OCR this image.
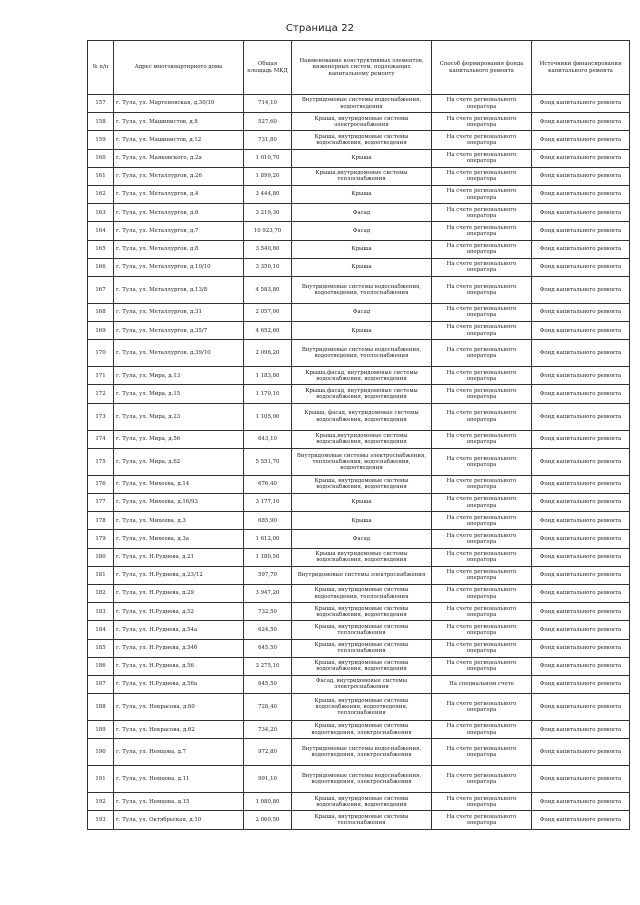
Страница 22
№ п/п	Адрес многоквартирного дома	Общая площадь МКД	Наименование конструктивных элементов, инженерных систем, подлежащих капитальному ремонту	Способ формирования фонда капитального ремонта	Источники финансирования капитального ремонта
157	г. Тула, ул. Мартеновская, д.30/10	714,10	Внутридомовые системы водоснабжения, водоотведения	На счете регионального оператора	Фонд капитального ремонта
158	г. Тула, ул. Машинистов, д.8	527,60	Крыша, внутридомовые системы электроснабжения	На счете регионального оператора	Фонд капитального ремонта
159	г. Тула, ул. Машинистов, д.12	731,80	Крыша, внутридомовые системы водоснабжения, водоотведения	На счете регионального оператора	Фонд капитального ремонта
160	г. Тула, ул. Маяковского, д.2а	1 010,70	Крыша	На счете регионального оператора	Фонд капитального ремонта
161	г. Тула, ул. Металлургов, д.26	1 899,20	Крыша,внутридомовые системы теплоснабжения	На счете регионального оператора	Фонд капитального ремонта
162	г. Тула, ул. Металлургов, д.4	3 444,80	Крыша	На счете регионального оператора	Фонд капитального ремонта
163	г. Тула, ул. Металлургов, д.6	3 219,30	Фасад	На счете регионального оператора	Фонд капитального ремонта
164	г. Тула, ул. Металлургов, д.7	10 923,70	Фасад	На счете регионального оператора	Фонд капитального ремонта
165	г. Тула, ул. Металлургов, д.8	3 540,80	Крыша	На счете регионального оператора	Фонд капитального ремонта
166	г. Тула, ул. Металлургов, д.10/10	3 350,10	Крыша	На счете регионального оператора	Фонд капитального ремонта
167	г. Тула, ул. Металлургов, д.13/8	4 583,80	Внутридомовые системы водоснабжения, водоотведения, теплоснабжения	На счете регионального оператора	Фонд капитального ремонта
168	г. Тула, ул. Металлургов, д.31	2 057,00	Фасад	На счете регионального оператора	Фонд капитального ремонта
169	г. Тула, ул. Металлургов, д.35/7	4 652,60	Крыша	На счете регионального оператора	Фонд капитального ремонта
170	г. Тула, ул. Металлургов, д.39/10	2 096,20	Внутридомовые системы водоснабжения, водоотведения, теплоснабжения	На счете регионального оператора	Фонд капитального ремонта
171	г. Тула, ул. Мира, д.13	1 183,80	Крыша,фасад, внутридомовые системы водоснабжения, водоотведения	На счете регионального оператора	Фонд капитального ремонта
172	г. Тула, ул. Мира, д.15	1 170,10	Крыша,фасад, внутридомовые системы водоснабжения, водоотведения	На счете регионального оператора	Фонд капитального ремонта
173	г. Тула, ул. Мира, д.23	1 105,90	Крыша, фасад, внутридомовые системы водоснабжения, водоотведения	На счете регионального оператора	Фонд капитального ремонта
174	г. Тула, ул. Мира, д.56	643,10	Крыша,внутридомовые системы водоснабжения, водоотведения	На счете регионального оператора	Фонд капитального ремонта
175	г. Тула, ул. Мира, д.62	5 551,70	Внутридомовые системы электроснабжения, теплоснабжения, водоснабжения, водоотведения	На счете регионального оператора	Фонд капитального ремонта
176	г. Тула, ул. Михеева, д.14	676,40	Крыша, внутридомовые системы водоснабжения, водоотведения	На счете регионального оператора	Фонд капитального ремонта
177	г. Тула, ул. Михеева, д.16/93	3 177,10	Крыша	На счете регионального оператора	Фонд капитального ремонта
178	г. Тула, ул. Михеева, д.3	685,90	Крыша	На счете регионального оператора	Фонд капитального ремонта
179	г. Тула, ул. Михеева, д.3а	1 612,00	Фасад	На счете регионального оператора	Фонд капитального ремонта
180	г. Тула, ул. Н.Руднева, д.21	1 180,50	Крыша внутридомовые системы водоснабжения, водоотведения	На счете регионального оператора	Фонд капитального ремонта
181	г. Тула, ул. Н.Руднева, д.23/12	597,70	Внутридомовые системы электроснабжения	На счете регионального оператора	Фонд капитального ремонта
182	г. Тула, ул. Н.Руднева, д.29	3 947,20	Крыша, внутридомовые системы водоотведения, теплоснабжения	На счете регионального оператора	Фонд капитального ремонта
183	г. Тула, ул. Н.Руднева, д.52	732,50	Крыша, внутридомовые системы водоснабжения, водоотведения	На счете регионального оператора	Фонд капитального ремонта
184	г. Тула, ул. Н.Руднева, д.54а	624,50	Крыша, внутридомовые системы теплоснабжения	На счете регионального оператора	Фонд капитального ремонта
185	г. Тула, ул. Н.Руднева, д.54б	645,50	Крыша, внутридомовые системы теплоснабжения	На счете регионального оператора	Фонд капитального ремонта
186	г. Тула, ул. Н.Руднева, д.56	3 275,10	Крыша, внутридомовые системы водоснабжения, водоотведения	На счете регионального оператора	Фонд капитального ремонта
187	г. Тула, ул. Н.Руднева, д.56а	645,50	Фасад, внутридомовые системы электроснабжения	На специальном счете	Фонд капитального ремонта
188	г. Тула, ул. Некрасова, д.60	728,40	Крыша, внутридомовые системы водоснабжения, водоотведения, теплоснабжения	На счете регионального оператора	Фонд капитального ремонта
189	г. Тула, ул. Некрасова, д.62	734,20	Крыша, внутридомовые системы водоотведения, электроснабжения	На счете регионального оператора	Фонд капитального ремонта
190	г. Тула, ул. Немцова, д.7	972,80	Внутридомовые системы водоснабжения, водоотведения, электроснабжения	На счете регионального оператора	Фонд капитального ремонта
191	г. Тула, ул. Немцова, д.11	991,10	Внутридомовые системы водоснабжения, водоотведения, электроснабжения	На счете регионального оператора	Фонд капитального ремонта
192	г. Тула, ул. Немцова, д.15	1 080,80	Крыша, внутридомовые системы водоснабжения, водоотведения	На счете регионального оператора	Фонд капитального ремонта
193	г. Тула, ул. Октябрьская, д.10	2 060,50	Крыша, внутридомовые системы теплоснабжения	На счете регионального оператора	Фонд капитального ремонта
